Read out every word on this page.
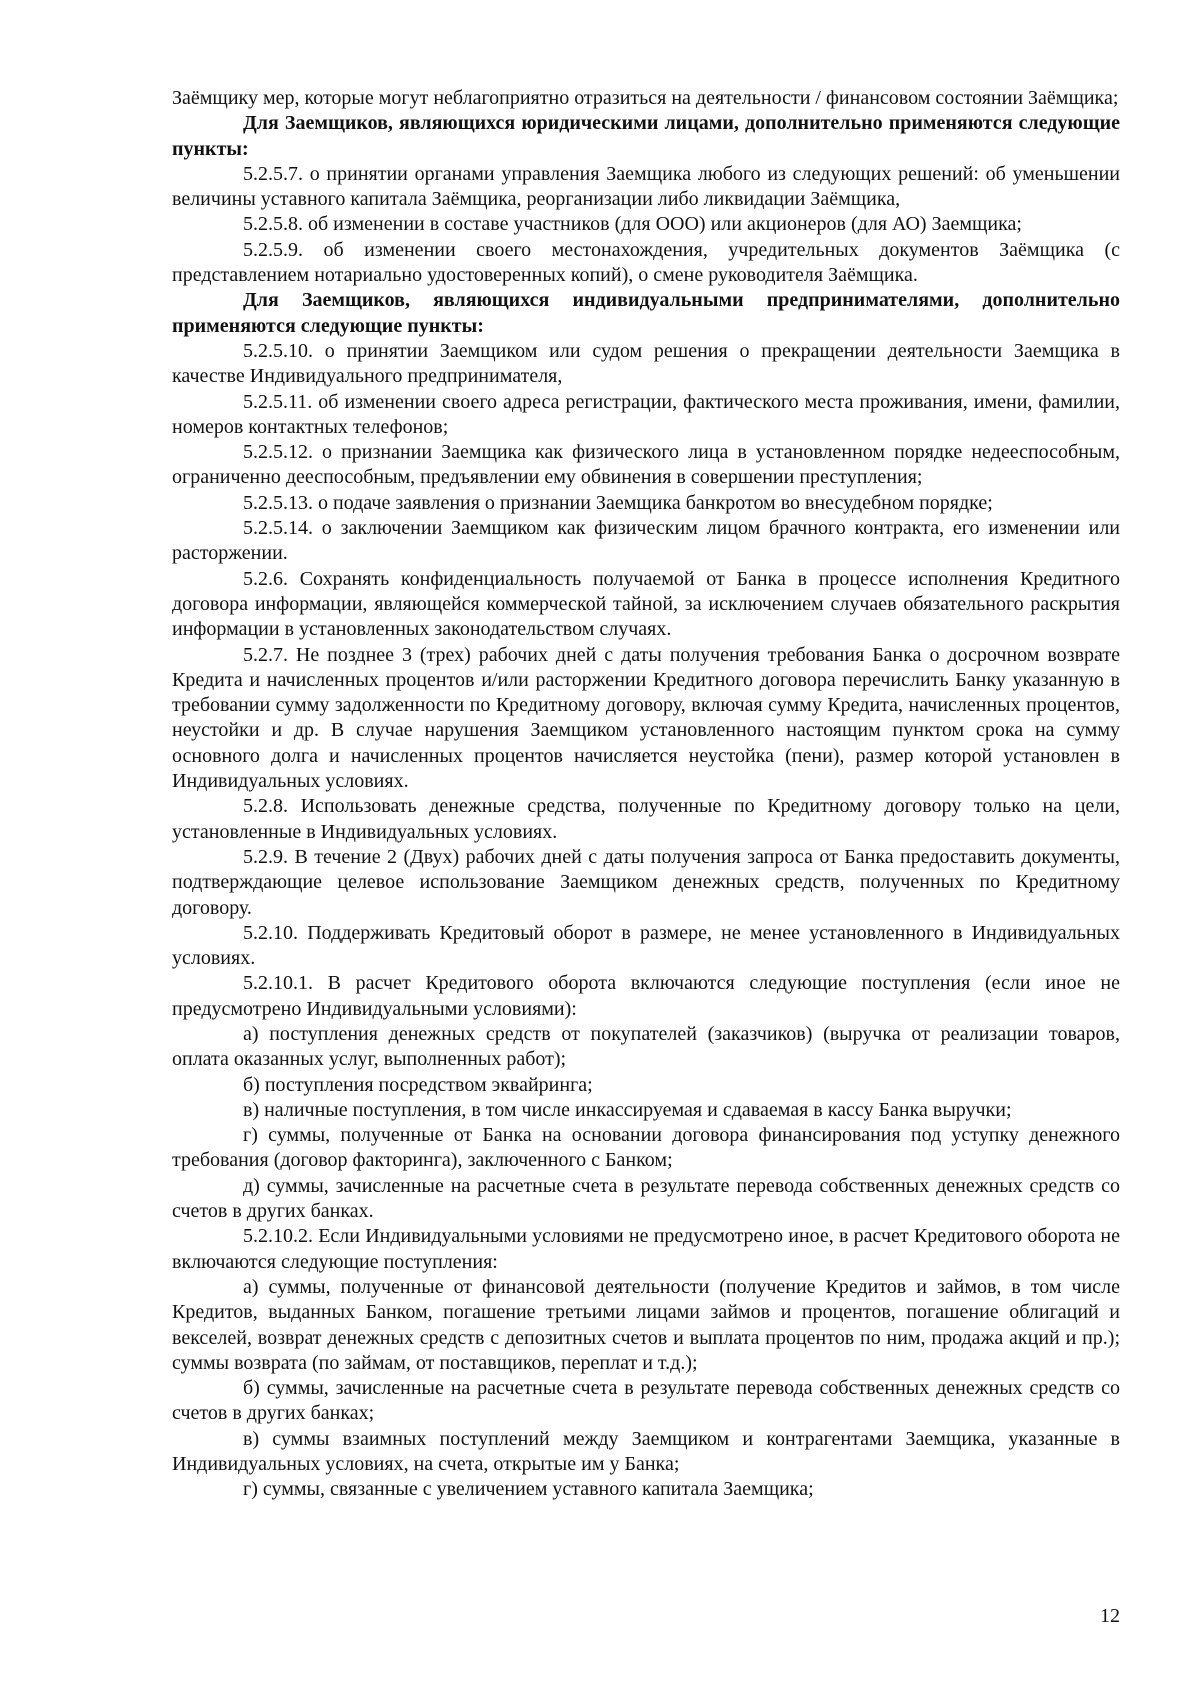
Заёмщику мер, которые могут неблагоприятно отразиться на деятельности / финансовом состоянии Заёмщика;

Для Заемщиков, являющихся юридическими лицами, дополнительно применяются следующие пункты:

5.2.5.7. о принятии органами управления Заемщика любого из следующих решений: об уменьшении величины уставного капитала Заёмщика, реорганизации либо ликвидации Заёмщика,

5.2.5.8. об изменении в составе участников (для ООО) или акционеров (для АО) Заемщика;

5.2.5.9. об изменении своего местонахождения, учредительных документов Заёмщика (с представлением нотариально удостоверенных копий), о смене руководителя Заёмщика.

Для Заемщиков, являющихся индивидуальными предпринимателями, дополнительно применяются следующие пункты:

5.2.5.10. о принятии Заемщиком или судом решения о прекращении деятельности Заемщика в качестве Индивидуального предпринимателя,

5.2.5.11. об изменении своего адреса регистрации, фактического места проживания, имени, фамилии, номеров контактных телефонов;

5.2.5.12. о признании Заемщика как физического лица в установленном порядке недееспособным, ограниченно дееспособным, предъявлении ему обвинения в совершении преступления;

5.2.5.13. о подаче заявления о признании Заемщика банкротом во внесудебном порядке;

5.2.5.14. о заключении Заемщиком как физическим лицом брачного контракта, его изменении или расторжении.

5.2.6. Сохранять конфиденциальность получаемой от Банка в процессе исполнения Кредитного договора информации, являющейся коммерческой тайной, за исключением случаев обязательного раскрытия информации в установленных законодательством случаях.

5.2.7. Не позднее 3 (трех) рабочих дней с даты получения требования Банка о досрочном возврате Кредита и начисленных процентов и/или расторжении Кредитного договора перечислить Банку указанную в требовании сумму задолженности по Кредитному договору, включая сумму Кредита, начисленных процентов, неустойки и др. В случае нарушения Заемщиком установленного настоящим пунктом срока на сумму основного долга и начисленных процентов начисляется неустойка (пени), размер которой установлен в Индивидуальных условиях.

5.2.8. Использовать денежные средства, полученные по Кредитному договору только на цели, установленные в Индивидуальных условиях.

5.2.9. В течение 2 (Двух) рабочих дней с даты получения запроса от Банка предоставить документы, подтверждающие целевое использование Заемщиком денежных средств, полученных по Кредитному договору.

5.2.10. Поддерживать Кредитовый оборот в размере, не менее установленного в Индивидуальных условиях.

5.2.10.1. В расчет Кредитового оборота включаются следующие поступления (если иное не предусмотрено Индивидуальными условиями):

а) поступления денежных средств от покупателей (заказчиков) (выручка от реализации товаров, оплата оказанных услуг, выполненных работ);

б) поступления посредством эквайринга;

в) наличные поступления, в том числе инкассируемая и сдаваемая в кассу Банка выручки;

г) суммы, полученные от Банка на основании договора финансирования под уступку денежного требования (договор факторинга), заключенного с Банком;

д) суммы, зачисленные на расчетные счета в результате перевода собственных денежных средств со счетов в других банках.

5.2.10.2. Если Индивидуальными условиями не предусмотрено иное, в расчет Кредитового оборота не включаются следующие поступления:

а) суммы, полученные от финансовой деятельности (получение Кредитов и займов, в том числе Кредитов, выданных Банком, погашение третьими лицами займов и процентов, погашение облигаций и векселей, возврат денежных средств с депозитных счетов и выплата процентов по ним, продажа акций и пр.); суммы возврата (по займам, от поставщиков, переплат и т.д.);

б) суммы, зачисленные на расчетные счета в результате перевода собственных денежных средств со счетов в других банках;

в) суммы взаимных поступлений между Заемщиком и контрагентами Заемщика, указанные в Индивидуальных условиях, на счета, открытые им у Банка;

г) суммы, связанные с увеличением уставного капитала Заемщика;

12
